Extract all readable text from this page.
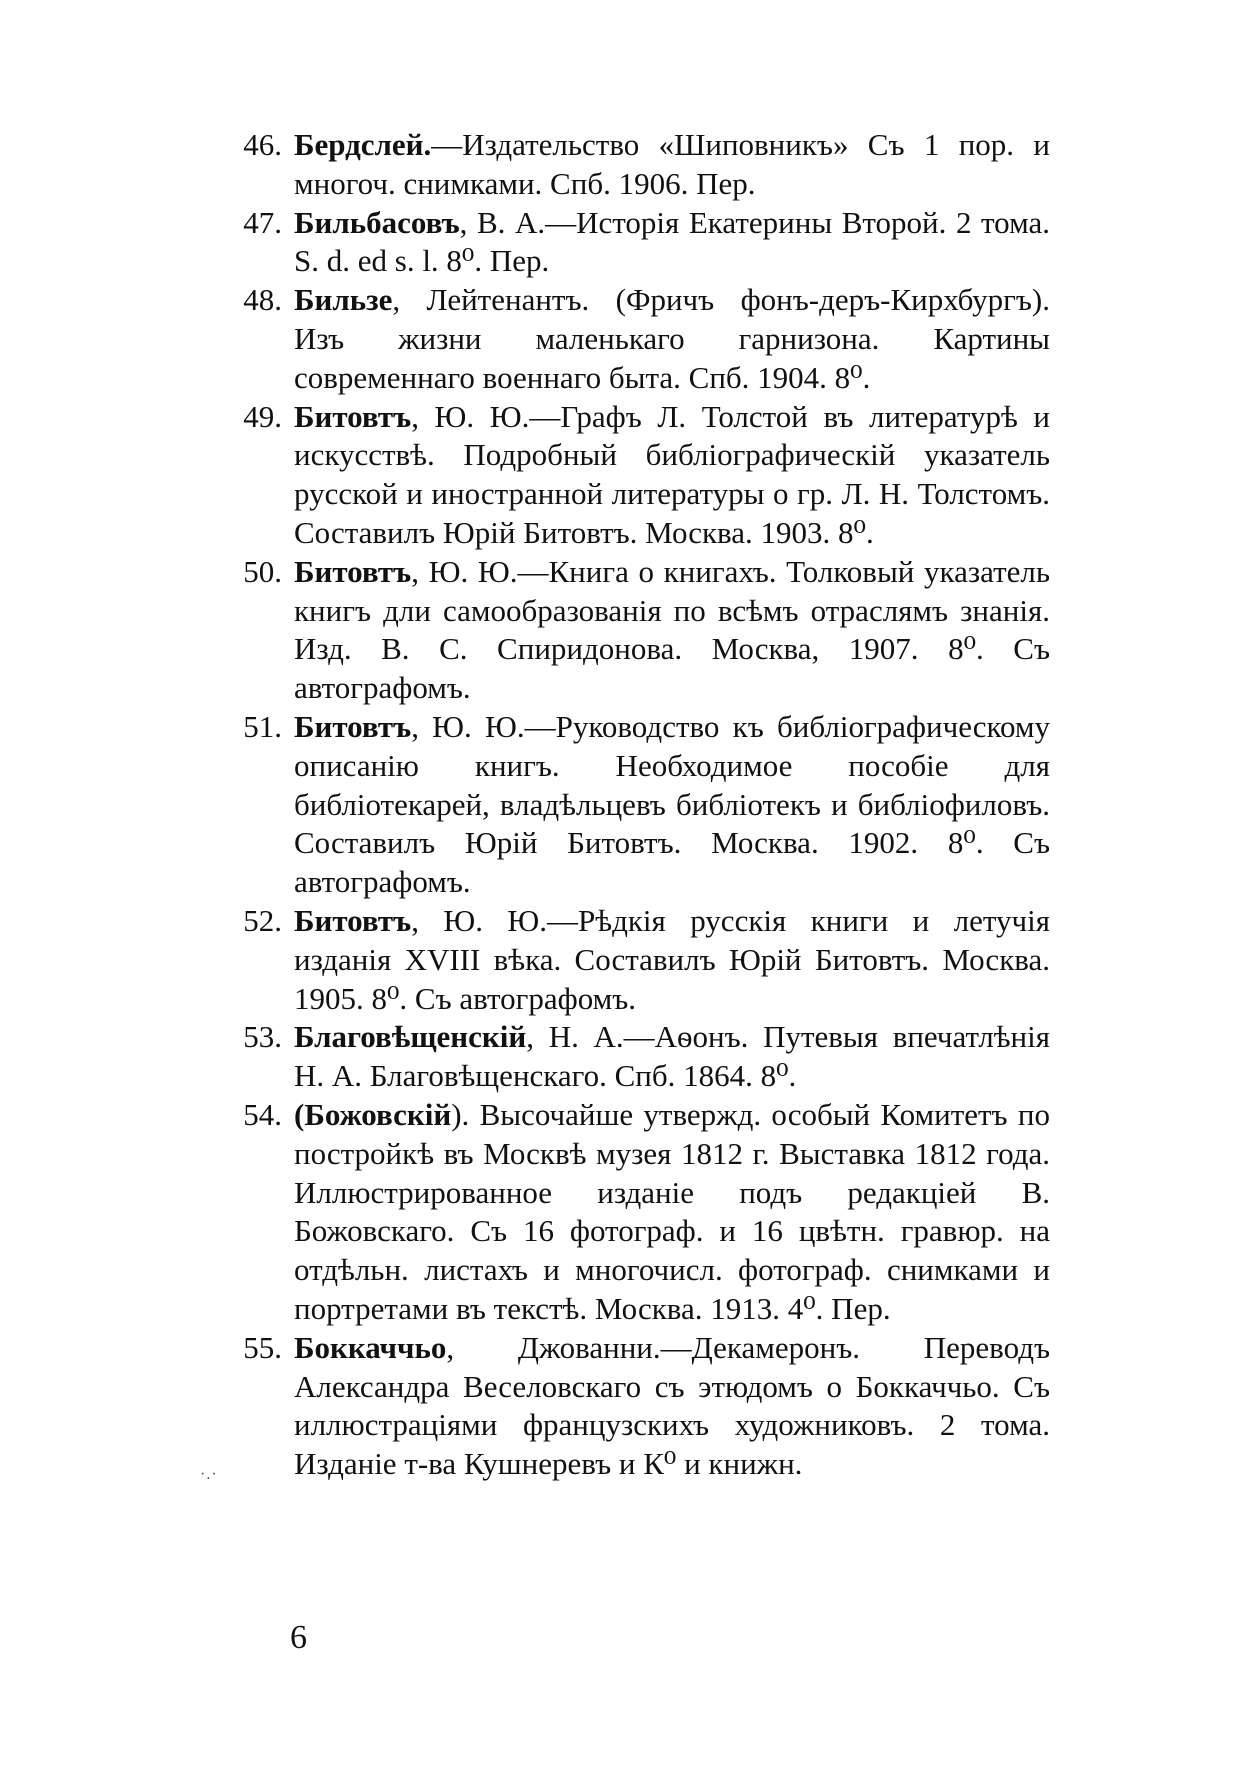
46. Бердслей.—Издательство «Шиповникъ» Съ 1 пор. и многоч. снимками. Спб. 1906. Пер.
47. Бильбасовъ, В. А.—Исторія Екатерины Второй. 2 тома. S. d. ed s. l. 8⁰. Пер.
48. Бильзе, Лейтенантъ. (Фричъ фонъ-деръ-Кирхбургъ). Изъ жизни маленькаго гарнизона. Картины современнаго военнаго быта. Спб. 1904. 8⁰.
49. Битовтъ, Ю. Ю.—Графъ Л. Толстой въ литературѣ и искусствѣ. Подробный библіографическій указатель русской и иностранной литературы о гр. Л. Н. Толстомъ. Составилъ Юрій Битовтъ. Москва. 1903. 8⁰.
50. Битовтъ, Ю. Ю.—Книга о книгахъ. Толковый указатель книгъ дли самообразованія по всѣмъ отраслямъ знанія. Изд. В. С. Спиридонова. Москва, 1907. 8⁰. Съ автографомъ.
51. Битовтъ, Ю. Ю.—Руководство къ библіографическому описанію книгъ. Необходимое пособіе для библіотекарей, владѣльцевъ библіотекъ и библіофиловъ. Составилъ Юрій Битовтъ. Москва. 1902. 8⁰. Съ автографомъ.
52. Битовтъ, Ю. Ю.—Рѣдкія русскія книги и летучія изданія XVIII вѣка. Составилъ Юрій Битовтъ. Москва. 1905. 8⁰. Съ автографомъ.
53. Благовѣщенскій, Н. А.—Аѳонъ. Путевыя впечатлѣнія Н. А. Благовѣщенскаго. Спб. 1864. 8⁰.
54. (Божовскій). Высочайше утвержд. особый Комитетъ по постройкѣ въ Москвѣ музея 1812 г. Выставка 1812 года. Иллюстрированное изданіе подъ редакціей В. Божовскаго. Съ 16 фотограф. и 16 цвѣтн. гравюр. на отдѣльн. листахъ и многочисл. фотограф. снимками и портретами въ текстѣ. Москва. 1913. 4⁰. Пер.
55. Боккаччьо, Джованни.—Декамеронъ. Переводъ Александра Веселовскаго съ этюдомъ о Боккаччьо. Съ иллюстраціями французскихъ художниковъ. 2 тома. Изданіе т-ва Кушнеревъ и К⁰ и книжн.
·.·
6
